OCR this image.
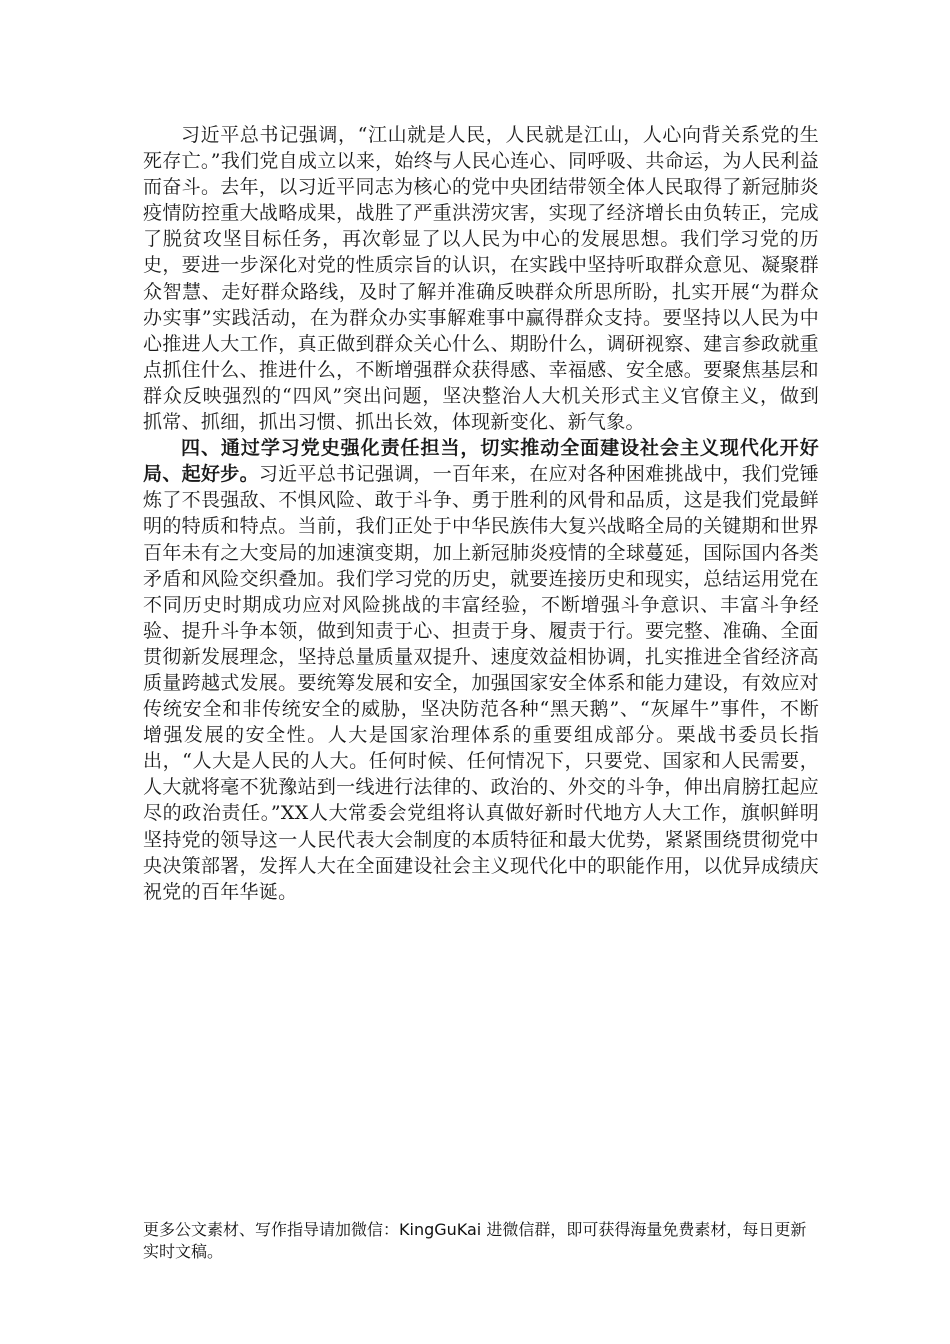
习近平总书记强调，“江山就是人民，人民就是江山，人心向背关系党的生死存亡。”我们党自成立以来，始终与人民心连心、同呼吸、共命运，为人民利益而奋斗。去年，以习近平同志为核心的党中央团结带领全体人民取得了新冠肺炎疫情防控重大战略成果，战胜了严重洪涝灾害，实现了经济增长由负转正，完成了脱贫攻坚目标任务，再次彰显了以人民为中心的发展思想。我们学习党的历史，要进一步深化对党的性质宗旨的认识，在实践中坚持听取群众意见、凝聚群众智慧、走好群众路线，及时了解并准确反映群众所思所盼，扎实开展“为群众办实事”实践活动，在为群众办实事解难事中赢得群众支持。要坚持以人民为中心推进人大工作，真正做到群众关心什么、期盼什么，调研视察、建言参政就重点抓住什么、推进什么，不断增强群众获得感、幸福感、安全感。要聚焦基层和群众反映强烈的“四风”突出问题，坚决整治人大机关形式主义官僚主义，做到抓常、抓细，抓出习惯、抓出长效，体现新变化、新气象。

四、通过学习党史强化责任担当，切实推动全面建设社会主义现代化开好局、起好步。习近平总书记强调，一百年来，在应对各种困难挑战中，我们党锤炼了不畏强敌、不惧风险、敢于斗争、勇于胜利的风骨和品质，这是我们党最鲜明的特质和特点。当前，我们正处于中华民族伟大复兴战略全局的关键期和世界百年未有之大变局的加速演变期，加上新冠肺炎疫情的全球蔓延，国际国内各类矛盾和风险交织叠加。我们学习党的历史，就要连接历史和现实，总结运用党在不同历史时期成功应对风险挑战的丰富经验，不断增强斗争意识、丰富斗争经验、提升斗争本领，做到知责于心、担责于身、履责于行。要完整、准确、全面贯彻新发展理念，坚持总量质量双提升、速度效益相协调，扎实推进全省经济高质量跨越式发展。要统筹发展和安全，加强国家安全体系和能力建设，有效应对传统安全和非传统安全的威胁，坚决防范各种“黑天鹅”、“灰犀牛”事件，不断增强发展的安全性。人大是国家治理体系的重要组成部分。栗战书委员长指出，“人大是人民的人大。任何时候、任何情况下，只要党、国家和人民需要，人大就将毫不犹豫站到一线进行法律的、政治的、外交的斗争，伸出肩膀扛起应尽的政治责任。”XX人大常委会党组将认真做好新时代地方人大工作，旗帜鲜明坚持党的领导这一人民代表大会制度的本质特征和最大优势，紧紧围绕贯彻党中央决策部署，发挥人大在全面建设社会主义现代化中的职能作用，以优异成绩庆祝党的百年华诞。

更多公文素材、写作指导请加微信：KingGuKai 进微信群，即可获得海量免费素材，每日更新实时文稿。
